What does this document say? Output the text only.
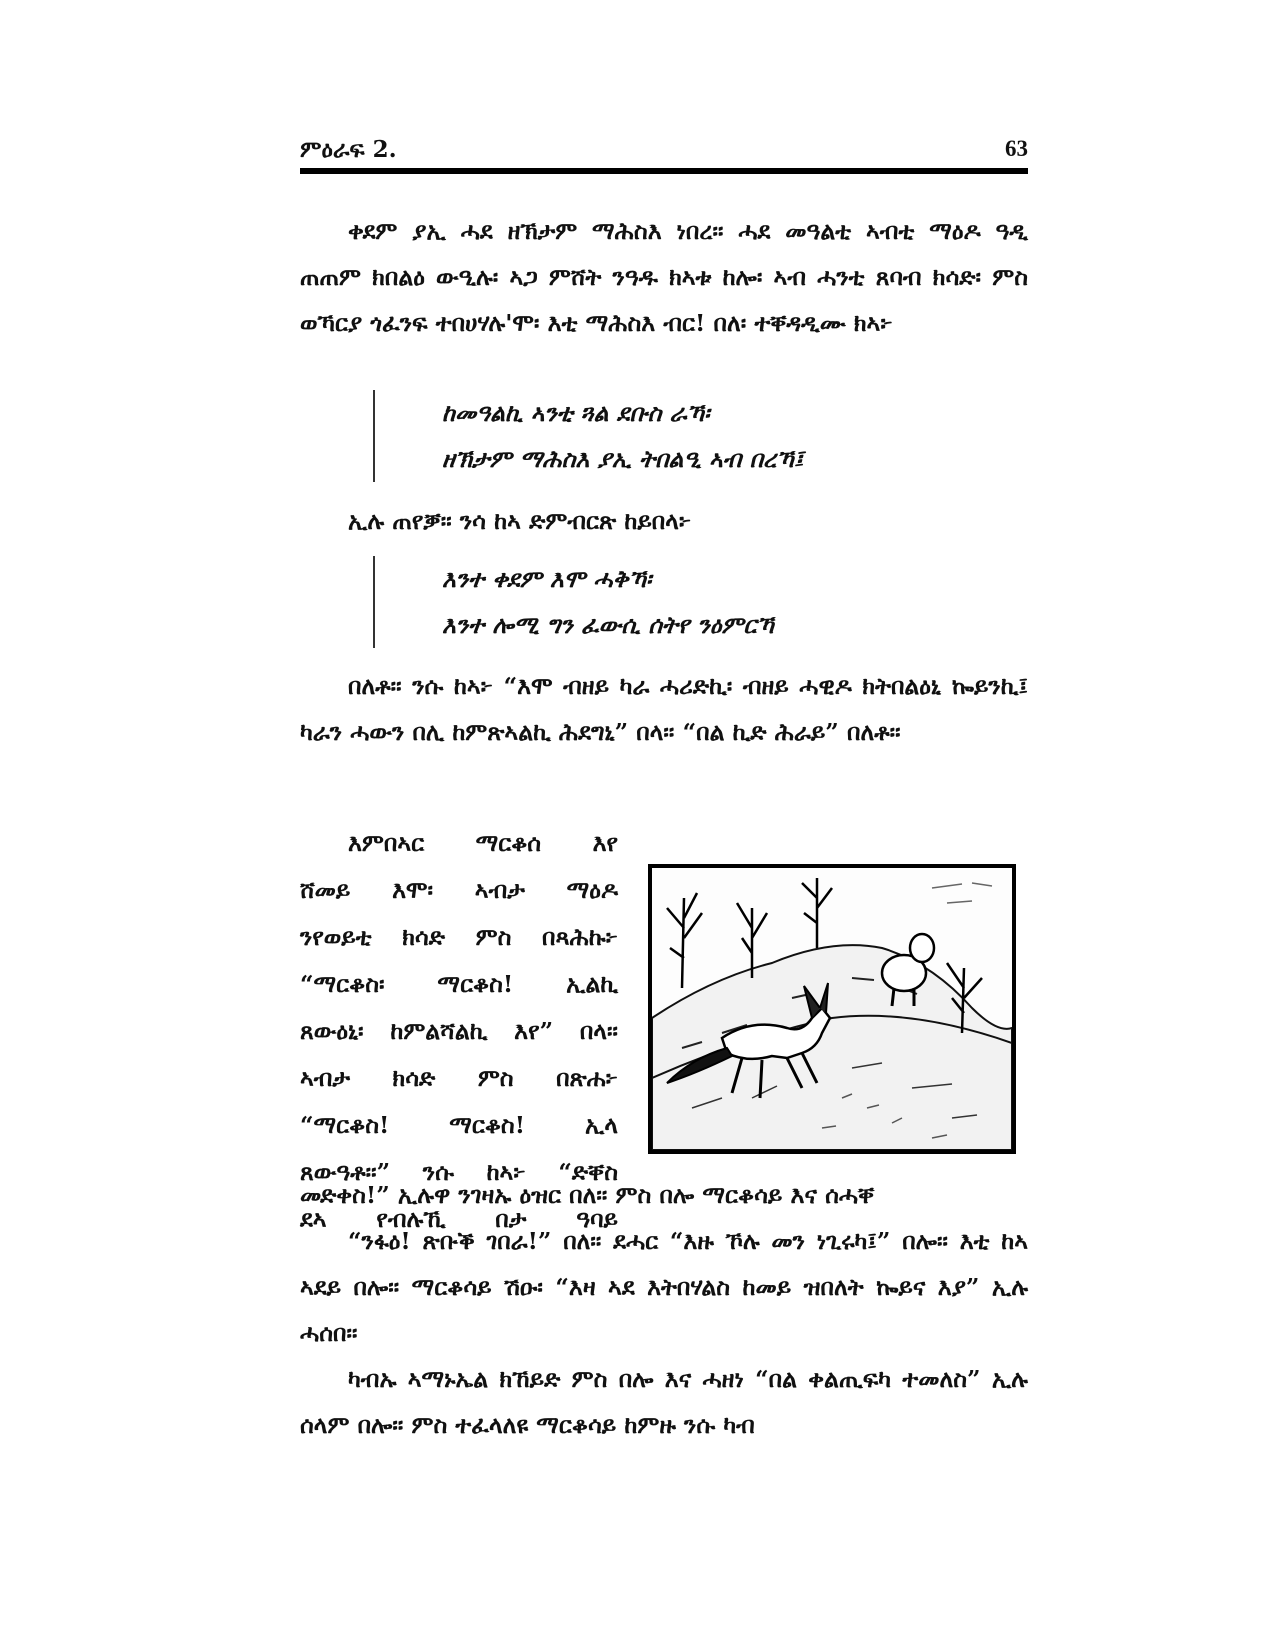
ምዕራፍ 2.	63

ቀደም ያኢ ሓደ ዘኽታም ማሕስእ ነበረ። ሓደ መዓልቲ ኣብቲ ማዕዶ ዓዲ ጠጠም ክበልዕ ውዒሉ፡ ኣጋ ምሸት ንዓዱ ክኣቱ ከሎ፡ ኣብ ሓንቲ ጸባብ ክሳድ፡ ምስ ወኻርያ ጎፈንፍ ተበሀሃሉ'ሞ፡ እቲ ማሕስእ ብር! በለ፡ ተቐዳዲሙ ክኣ፦

ከመዓልኪ ኣንቲ ጓል ደቡስ ራኻ፡
ዘኽታም ማሕስእ ያኢ ትበልዒ ኣብ በረኻ፤

ኢሉ ጠየቓ። ንሳ ከኣ ድምብርጽ ከይበላ፦

እንተ ቀደም እሞ ሓቅኻ፡
እንተ ሎሚ ግን ፈውሲ ሰትየ ንዕምርኻ

በለቶ። ንሱ ከኣ፦ “እሞ ብዘይ ካራ ሓሪድኪ፡ ብዘይ ሓዊዶ ክትበልዕኒ ኰይንኪ፤ ካራን ሓውን በሊ ከምጽኣልኪ ሕደግኒ” በላ። “በል ኪድ ሕራይ” በለቶ።

እምበኣር ማርቆሰ እየ
ሸመይ እሞ፡ ኣብታ ማዕዶ
ንየወይቲ ክሳድ ምስ በጻሕኩ፦
“ማርቆስ፡ ማርቆስ! ኢልኪ
ጸውዕኒ፡ ከምልሻልኪ እየ” በላ።
ኣብታ ክሳድ ምስ በጽሐ፦
“ማርቆስ! ማርቆስ! ኢላ
ጸውዓቶ።” ንሱ ከኣ፦ “ድቐስ
ደኣ የብሉኺ በታ ዓባይ

መድቀስ!” ኢሉዋ ንገዛኡ ዕዝር በለ። ምስ በሎ ማርቆሳይ እና ሰሓቐ

“ንፋዕ! ጽቡቕ ገበራ!” በለ። ደሓር “እዙ ኾሉ መን ነጊሩካ፤” በሎ። እቲ ከኣ ኣደይ በሎ። ማርቆሳይ ሽዑ፡ “እዛ ኣደ እትበሃልስ ከመይ ዝበለት ኰይና እያ” ኢሉ ሓሰበ።

ካብኡ ኣማኑኤል ክኸይድ ምስ በሎ እና ሓዘነ “በል ቀልጢፍካ ተመለስ” ኢሉ ሰላም በሎ። ምስ ተፈላለዩ ማርቆሳይ ከምዙ ንሱ ካብ
